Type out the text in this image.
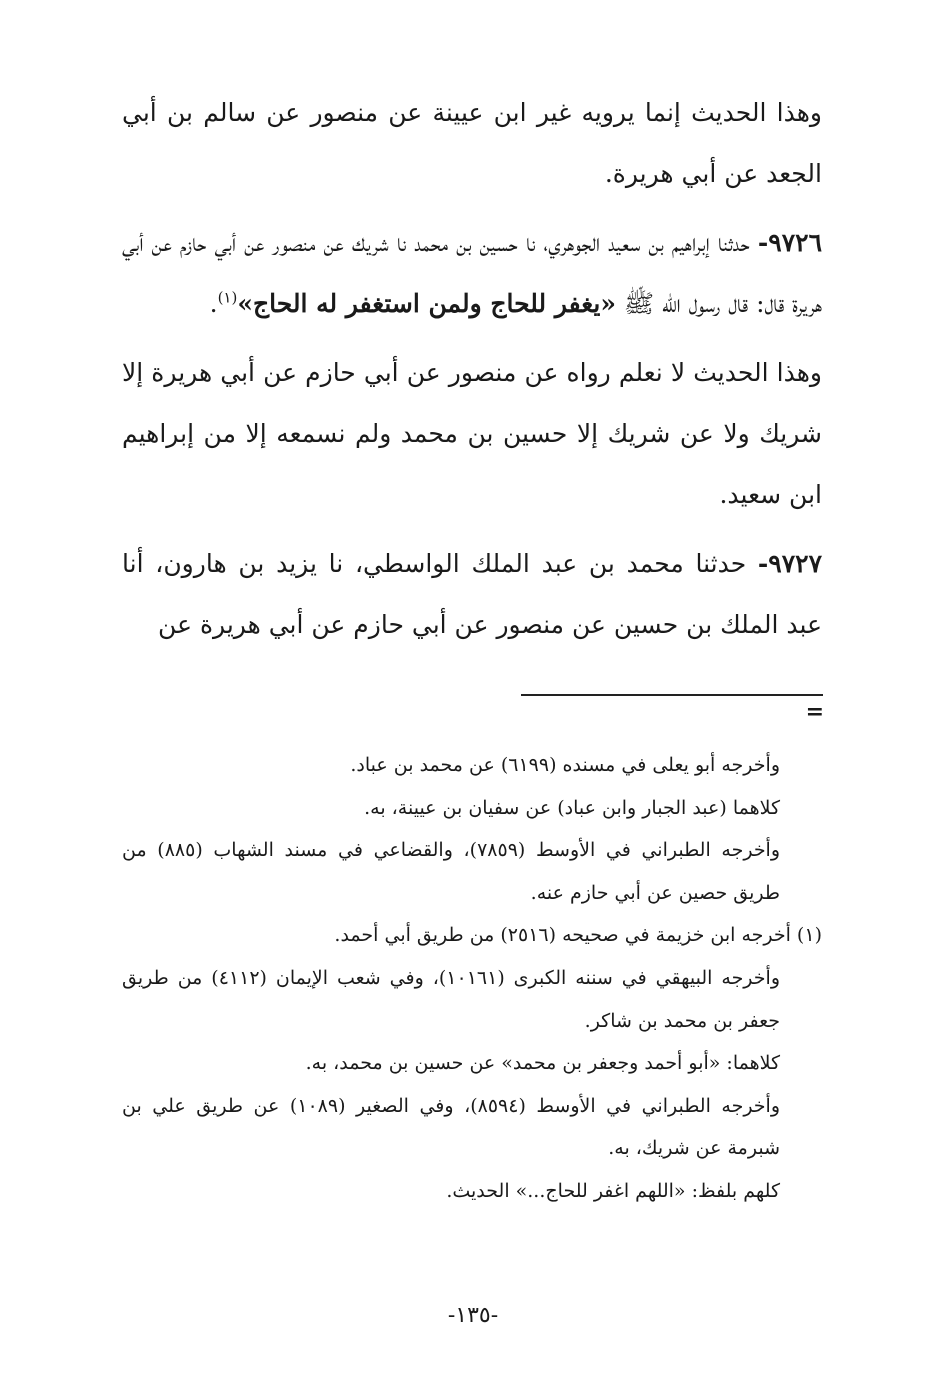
وهذا الحديث إنما يرويه غير ابن عيينة عن منصور عن سالم بن أبي الجعد عن أبي هريرة.

٩٧٢٦- حدثنا إبراهيم بن سعيد الجوهري، نا حسين بن محمد نا شريك عن منصور عن أبي حازم عن أبي هريرة قال: قال رسول الله ﷺ «يغفر للحاج ولمن استغفر له الحاج»$^{(١)}$.

وهذا الحديث لا نعلم رواه عن منصور عن أبي حازم عن أبي هريرة إلا شريك ولا عن شريك إلا حسين بن محمد ولم نسمعه إلا من إبراهيم ابن سعيد.

٩٧٢٧- حدثنا محمد بن عبد الملك الواسطي، نا يزيد بن هارون، أنا عبد الملك بن حسين عن منصور عن أبي حازم عن أبي هريرة عن

=

وأخرجه أبو يعلى في مسنده (٦١٩٩) عن محمد بن عباد.

كلاهما (عبد الجبار وابن عباد) عن سفيان بن عيينة، به.

وأخرجه الطبراني في الأوسط (٧٨٥٩)، والقضاعي في مسند الشهاب (٨٨٥) من طريق حصين عن أبي حازم عنه.

(١) أخرجه ابن خزيمة في صحيحه (٢٥١٦) من طريق أبي أحمد.

وأخرجه البيهقي في سننه الكبرى (١٠١٦١)، وفي شعب الإيمان (٤١١٢) من طريق جعفر بن محمد بن شاكر.

كلاهما: «أبو أحمد وجعفر بن محمد» عن حسين بن محمد، به.

وأخرجه الطبراني في الأوسط (٨٥٩٤)، وفي الصغير (١٠٨٩) عن طريق علي بن شبرمة عن شريك، به.

كلهم بلفظ: «اللهم اغفر للحاج...» الحديث.

-١٣٥-
